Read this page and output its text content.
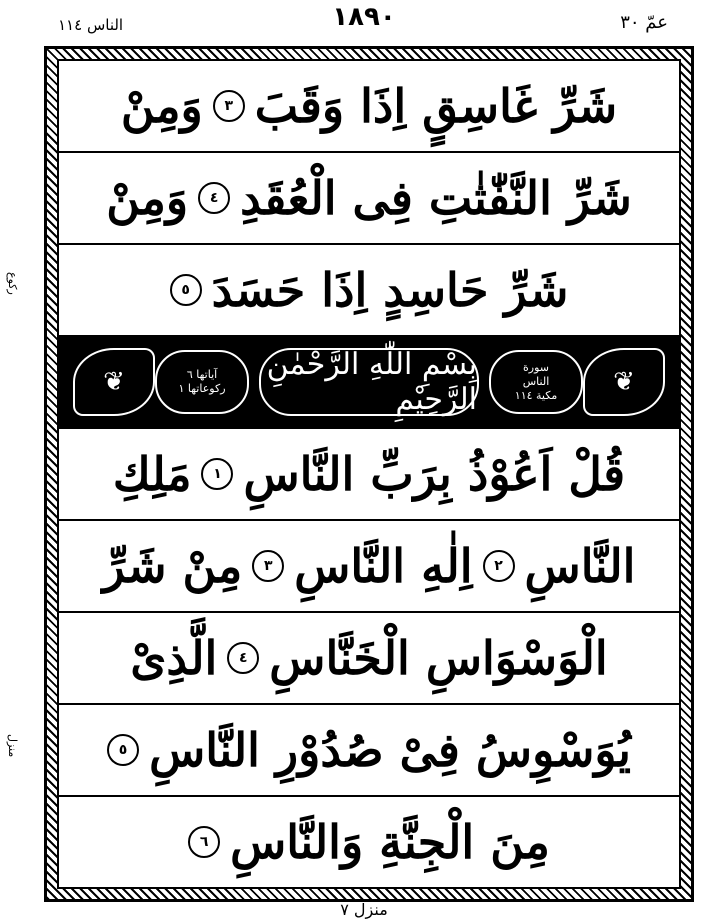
الناس ١١٤	١٨٩٠	عمّ ٣٠
رکوع
منزل
شَرِّ غَاسِقٍ اِذَا وَقَبَ
٣
وَمِنْ
شَرِّ النَّفّٰثٰتِ فِى الْعُقَدِ
٤
وَمِنْ
شَرِّ حَاسِدٍ اِذَا حَسَدَ
٥
❦	آياتها ٦
ركوعاتها ١
بِسْمِ اللّٰهِ الرَّحْمٰنِ الرَّحِيْمِ
سورة
الناس
مكية ١١٤	❦
قُلْ اَعُوْذُ بِرَبِّ النَّاسِ
١
مَلِكِ
النَّاسِ
٢
اِلٰهِ النَّاسِ
٣
مِنْ شَرِّ
الْوَسْوَاسِ الْخَنَّاسِ
٤
الَّذِىْ
يُوَسْوِسُ فِىْ صُدُوْرِ النَّاسِ
٥
مِنَ الْجِنَّةِ وَالنَّاسِ
٦
منزل ٧
